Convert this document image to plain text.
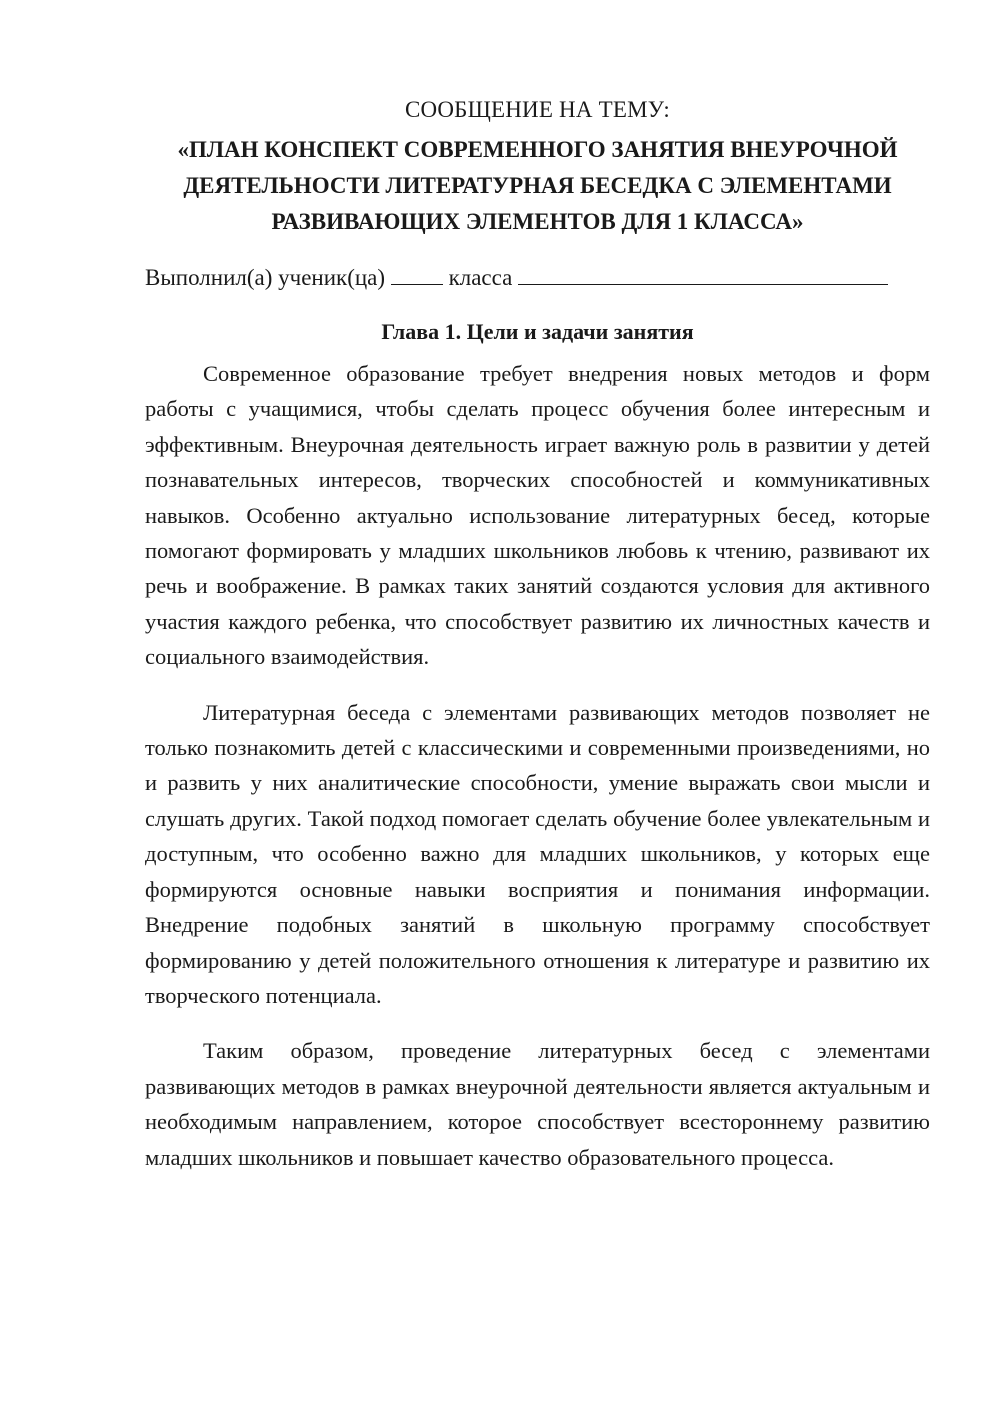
СООБЩЕНИЕ НА ТЕМУ:

«ПЛАН КОНСПЕКТ СОВРЕМЕННОГО ЗАНЯТИЯ ВНЕУРОЧНОЙ
ДЕЯТЕЛЬНОСТИ ЛИТЕРАТУРНАЯ БЕСЕДКА С ЭЛЕМЕНТАМИ
РАЗВИВАЮЩИХ ЭЛЕМЕНТОВ ДЛЯ 1 КЛАССА»

Выполнил(а) ученик(ца)	класса

Глава 1. Цели и задачи занятия

Современное образование требует внедрения новых методов и форм работы с учащимися, чтобы сделать процесс обучения более интересным и эффективным. Внеурочная деятельность играет важную роль в развитии у детей познавательных интересов, творческих способностей и коммуникативных навыков. Особенно актуально использование литературных бесед, которые помогают формировать у младших школьников любовь к чтению, развивают их речь и воображение. В рамках таких занятий создаются условия для активного участия каждого ребенка, что способствует развитию их личностных качеств и социального взаимодействия.

Литературная беседа с элементами развивающих методов позволяет не только познакомить детей с классическими и современными произведениями, но и развить у них аналитические способности, умение выражать свои мысли и слушать других. Такой подход помогает сделать обучение более увлекательным и доступным, что особенно важно для младших школьников, у которых еще формируются основные навыки восприятия и понимания информации. Внедрение подобных занятий в школьную программу способствует формированию у детей положительного отношения к литературе и развитию их творческого потенциала.

Таким образом, проведение литературных бесед с элементами развивающих методов в рамках внеурочной деятельности является актуальным и необходимым направлением, которое способствует всестороннему развитию младших школьников и повышает качество образовательного процесса.
